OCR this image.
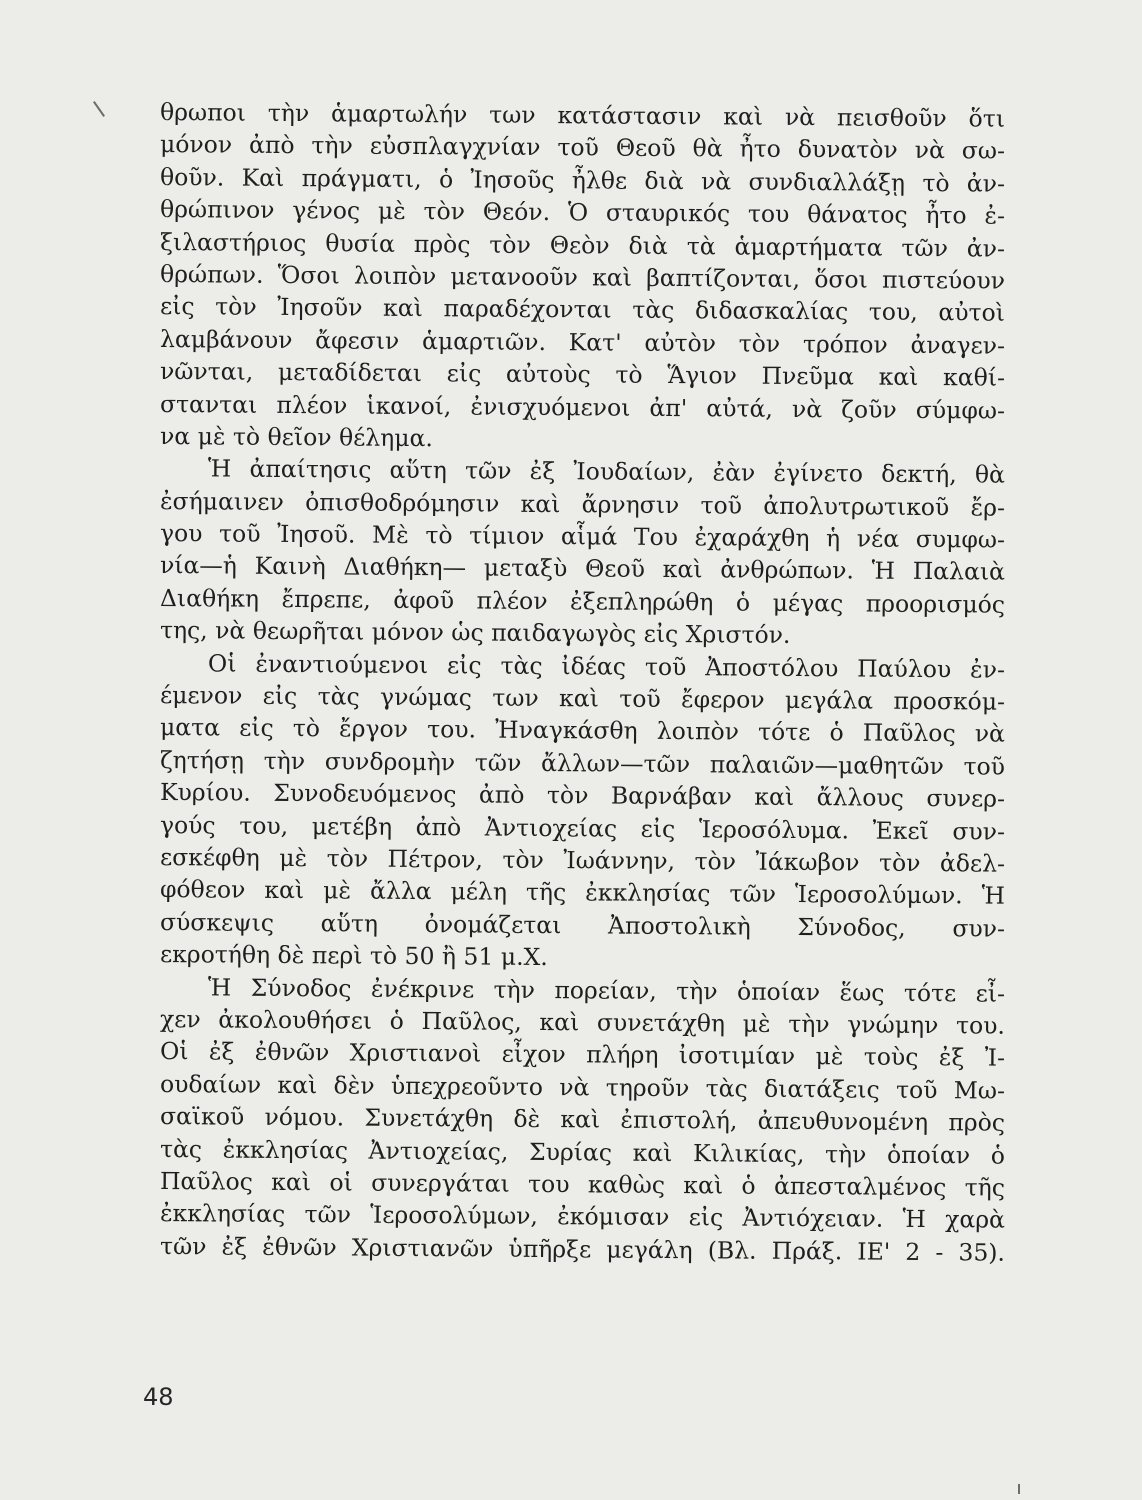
θρωποι τὴν ἁμαρτωλήν των κατάστασιν καὶ νὰ πεισθοῦν ὅτι
μόνον ἀπὸ τὴν εὐσπλαγχνίαν τοῦ Θεοῦ θὰ ἦτο δυνατὸν νὰ σω-
θοῦν. Καὶ πράγματι, ὁ Ἰησοῦς ἦλθε διὰ νὰ συνδιαλλάξῃ τὸ ἀν-
θρώπινον γένος μὲ τὸν Θεόν. Ὁ σταυρικός του θάνατος ἦτο ἐ-
ξιλαστήριος θυσία πρὸς τὸν Θεὸν διὰ τὰ ἁμαρτήματα τῶν ἀν-
θρώπων. Ὅσοι λοιπὸν μετανοοῦν καὶ βαπτίζονται, ὅσοι πιστεύουν
εἰς τὸν Ἰησοῦν καὶ παραδέχονται τὰς διδασκαλίας του, αὐτοὶ
λαμβάνουν ἄφεσιν ἁμαρτιῶν. Κατ' αὐτὸν τὸν τρόπον ἀναγεν-
νῶνται, μεταδίδεται εἰς αὐτοὺς τὸ Ἅγιον Πνεῦμα καὶ καθί-
στανται πλέον ἱκανοί, ἐνισχυόμενοι ἀπ' αὐτά, νὰ ζοῦν σύμφω-
να μὲ τὸ θεῖον θέλημα.
Ἡ ἀπαίτησις αὕτη τῶν ἐξ Ἰουδαίων, ἐὰν ἐγίνετο δεκτή, θὰ
ἐσήμαινεν ὀπισθοδρόμησιν καὶ ἄρνησιν τοῦ ἀπολυτρωτικοῦ ἔρ-
γου τοῦ Ἰησοῦ. Μὲ τὸ τίμιον αἷμά Του ἐχαράχθη ἡ νέα συμφω-
νία—ἡ Καινὴ Διαθήκη— μεταξὺ Θεοῦ καὶ ἀνθρώπων. Ἡ Παλαιὰ
Διαθήκη ἔπρεπε, ἀφοῦ πλέον ἐξεπληρώθη ὁ μέγας προορισμός
της, νὰ θεωρῆται μόνον ὡς παιδαγωγὸς εἰς Χριστόν.
Οἱ ἐναντιούμενοι εἰς τὰς ἰδέας τοῦ Ἀποστόλου Παύλου ἐν-
έμενον εἰς τὰς γνώμας των καὶ τοῦ ἔφερον μεγάλα προσκόμ-
ματα εἰς τὸ ἔργον του. Ἠναγκάσθη λοιπὸν τότε ὁ Παῦλος νὰ
ζητήσῃ τὴν συνδρομὴν τῶν ἄλλων—τῶν παλαιῶν—μαθητῶν τοῦ
Κυρίου. Συνοδευόμενος ἀπὸ τὸν Βαρνάβαν καὶ ἄλλους συνερ-
γούς του, μετέβη ἀπὸ Ἀντιοχείας εἰς Ἱεροσόλυμα. Ἐκεῖ συν-
εσκέφθη μὲ τὸν Πέτρον, τὸν Ἰωάννην, τὸν Ἰάκωβον τὸν ἀδελ-
φόθεον καὶ μὲ ἄλλα μέλη τῆς ἐκκλησίας τῶν Ἱεροσολύμων. Ἡ
σύσκεψις αὕτη ὀνομάζεται Ἀποστολικὴ Σύνοδος, συν-
εκροτήθη δὲ περὶ τὸ 50 ἢ 51 μ.Χ.
Ἡ Σύνοδος ἐνέκρινε τὴν πορείαν, τὴν ὁποίαν ἕως τότε εἶ-
χεν ἀκολουθήσει ὁ Παῦλος, καὶ συνετάχθη μὲ τὴν γνώμην του.
Οἱ ἐξ ἐθνῶν Χριστιανοὶ εἶχον πλήρη ἰσοτιμίαν μὲ τοὺς ἐξ Ἰ-
ουδαίων καὶ δὲν ὑπεχρεοῦντο νὰ τηροῦν τὰς διατάξεις τοῦ Μω-
σαϊκοῦ νόμου. Συνετάχθη δὲ καὶ ἐπιστολή, ἀπευθυνομένη πρὸς
τὰς ἐκκλησίας Ἀντιοχείας, Συρίας καὶ Κιλικίας, τὴν ὁποίαν ὁ
Παῦλος καὶ οἱ συνεργάται του καθὼς καὶ ὁ ἀπεσταλμένος τῆς
ἐκκλησίας τῶν Ἱεροσολύμων, ἐκόμισαν εἰς Ἀντιόχειαν. Ἡ χαρὰ
τῶν ἐξ ἐθνῶν Χριστιανῶν ὑπῆρξε μεγάλη (Βλ. Πράξ. ΙΕ' 2 - 35).
48
